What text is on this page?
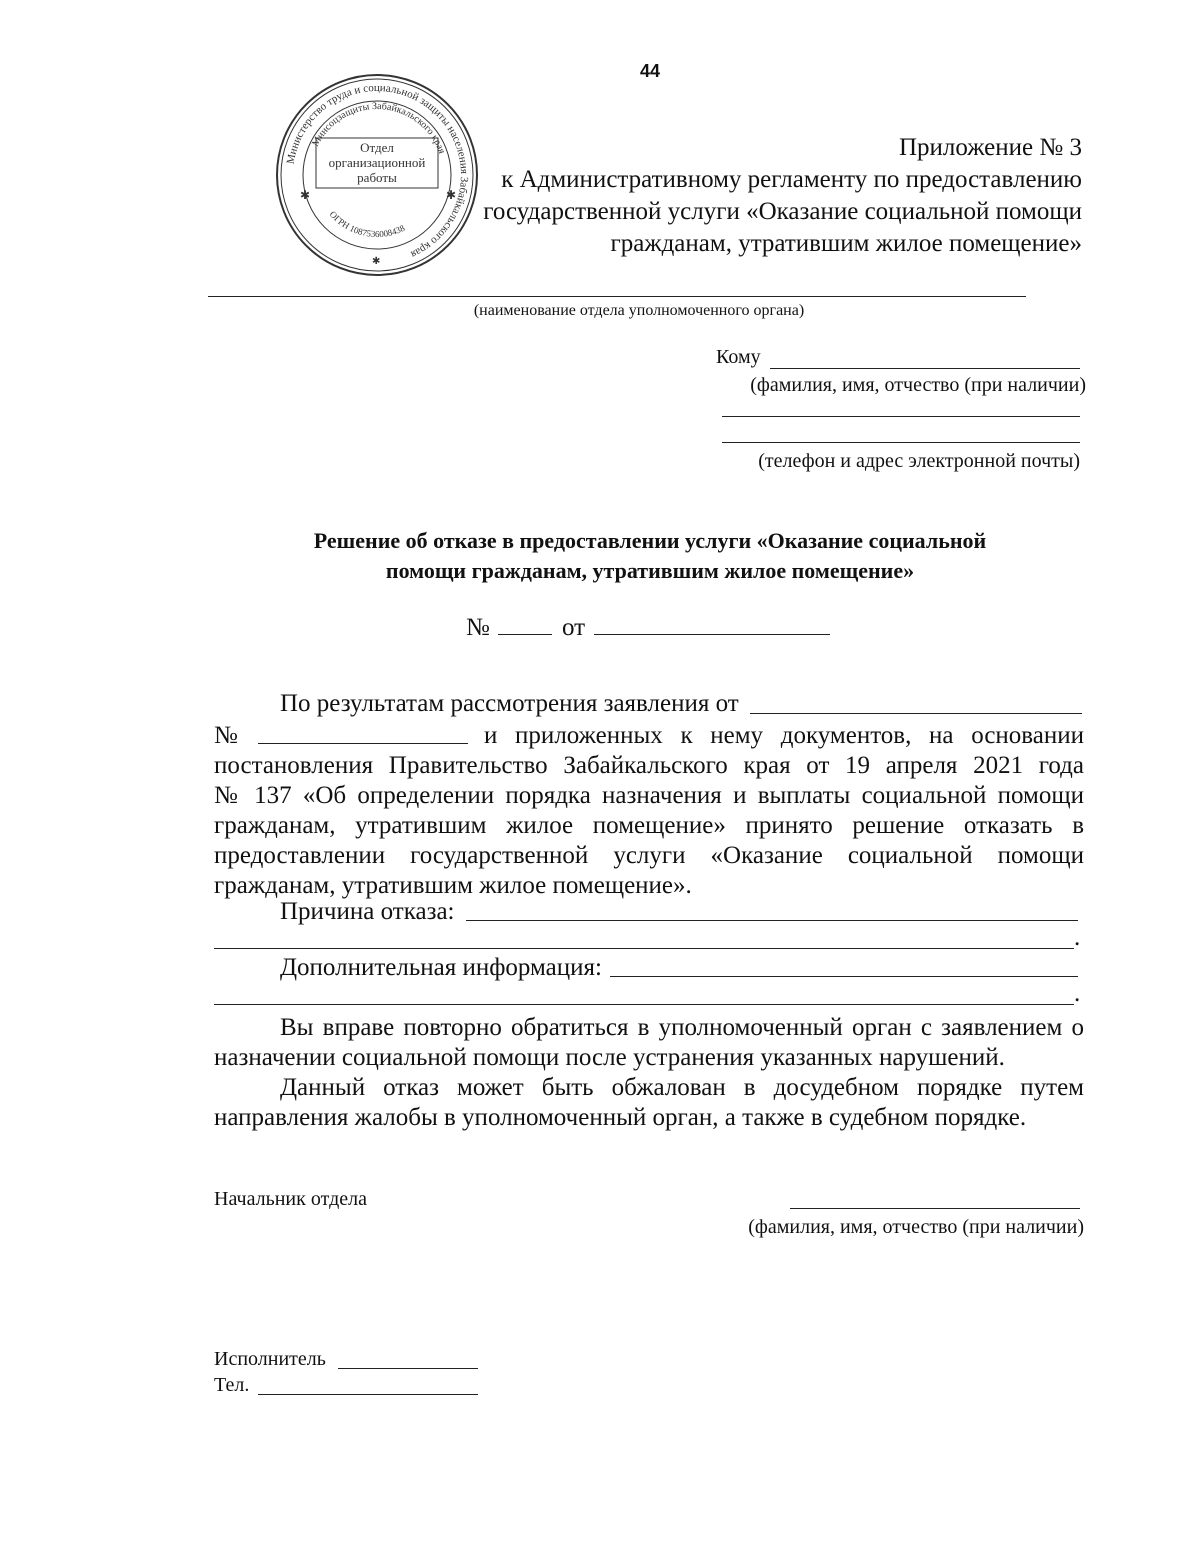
44
Министерство труда и социальной защиты населения Забайкальского края
Минсоцзащиты Забайкальского края
ОГРН 1087536008438
Отдел
организационной
работы
✱	✱
✱
Приложение № 3
к Административному регламенту по предоставлению
государственной услуги «Оказание социальной помощи
гражданам, утратившим жилое помещение»
(наименование отдела уполномоченного органа)
Кому
(фамилия, имя, отчество (при наличии)
(телефон и адрес электронной почты)
Решение об отказе в предоставлении услуги «Оказание социальной
помощи гражданам, утратившим жилое помещение»
№	от
По результатам рассмотрения заявления от
№	и приложенных к нему документов, на основании
постановления Правительство Забайкальского края от 19 апреля 2021 года
№ 137 «Об определении порядка назначения и выплаты социальной помощи
гражданам, утратившим жилое помещение» принято решение отказать в
предоставлении государственной услуги «Оказание социальной помощи
гражданам, утратившим жилое помещение».
Причина отказа:
.
Дополнительная информация:
.
Вы вправе повторно обратиться в уполномоченный орган с заявлением о
назначении социальной помощи после устранения указанных нарушений.
Данный отказ может быть обжалован в досудебном порядке путем
направления жалобы в уполномоченный орган, а также в судебном порядке.
Начальник отдела
(фамилия, имя, отчество (при наличии)
Исполнитель
Тел.
